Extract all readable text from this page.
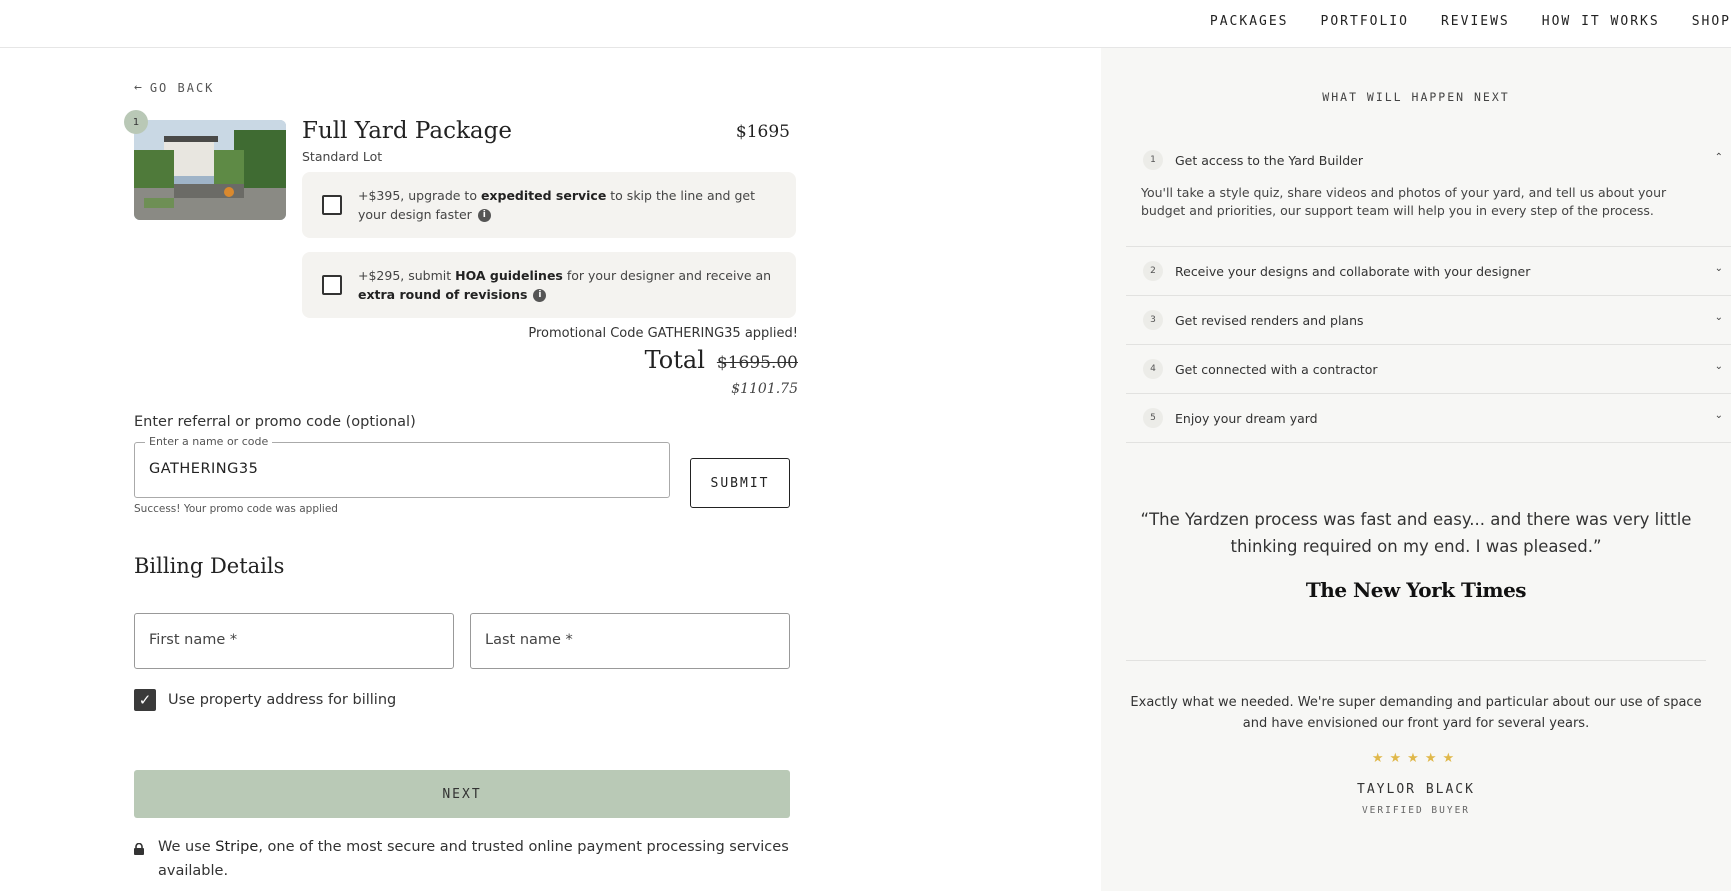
PACKAGES PORTFOLIO REVIEWS HOW IT WORKS SHOP
← GO BACK
1	Full Yard Package
Standard Lot
$1695
+$395, upgrade to expedited service to skip the line and get your design faster i
+$295, submit HOA guidelines for your designer and receive an extra round of revisions i
Promotional Code GATHERING35 applied!
Total $1695.00
$1101.75
Enter referral or promo code (optional)
Enter a name or code
GATHERING35
SUBMIT
Success! Your promo code was applied
Billing Details
First name *	Last name *
✓	Use property address for billing
NEXT
We use Stripe, one of the most secure and trusted online payment processing services available.
WHAT WILL HAPPEN NEXT
1	Get access to the Yard Builder	⌃
You'll take a style quiz, share videos and photos of your yard, and tell us about your budget and priorities, our support team will help you in every step of the process.
2	Receive your designs and collaborate with your designer	⌄
3	Get revised renders and plans	⌄
4	Get connected with a contractor	⌄
5	Enjoy your dream yard	⌄
“The Yardzen process was fast and easy... and there was very little thinking required on my end. I was pleased.”
The New York Times
Exactly what we needed. We're super demanding and particular about our use of space and have envisioned our front yard for several years.
★★★★★
TAYLOR BLACK
VERIFIED BUYER
